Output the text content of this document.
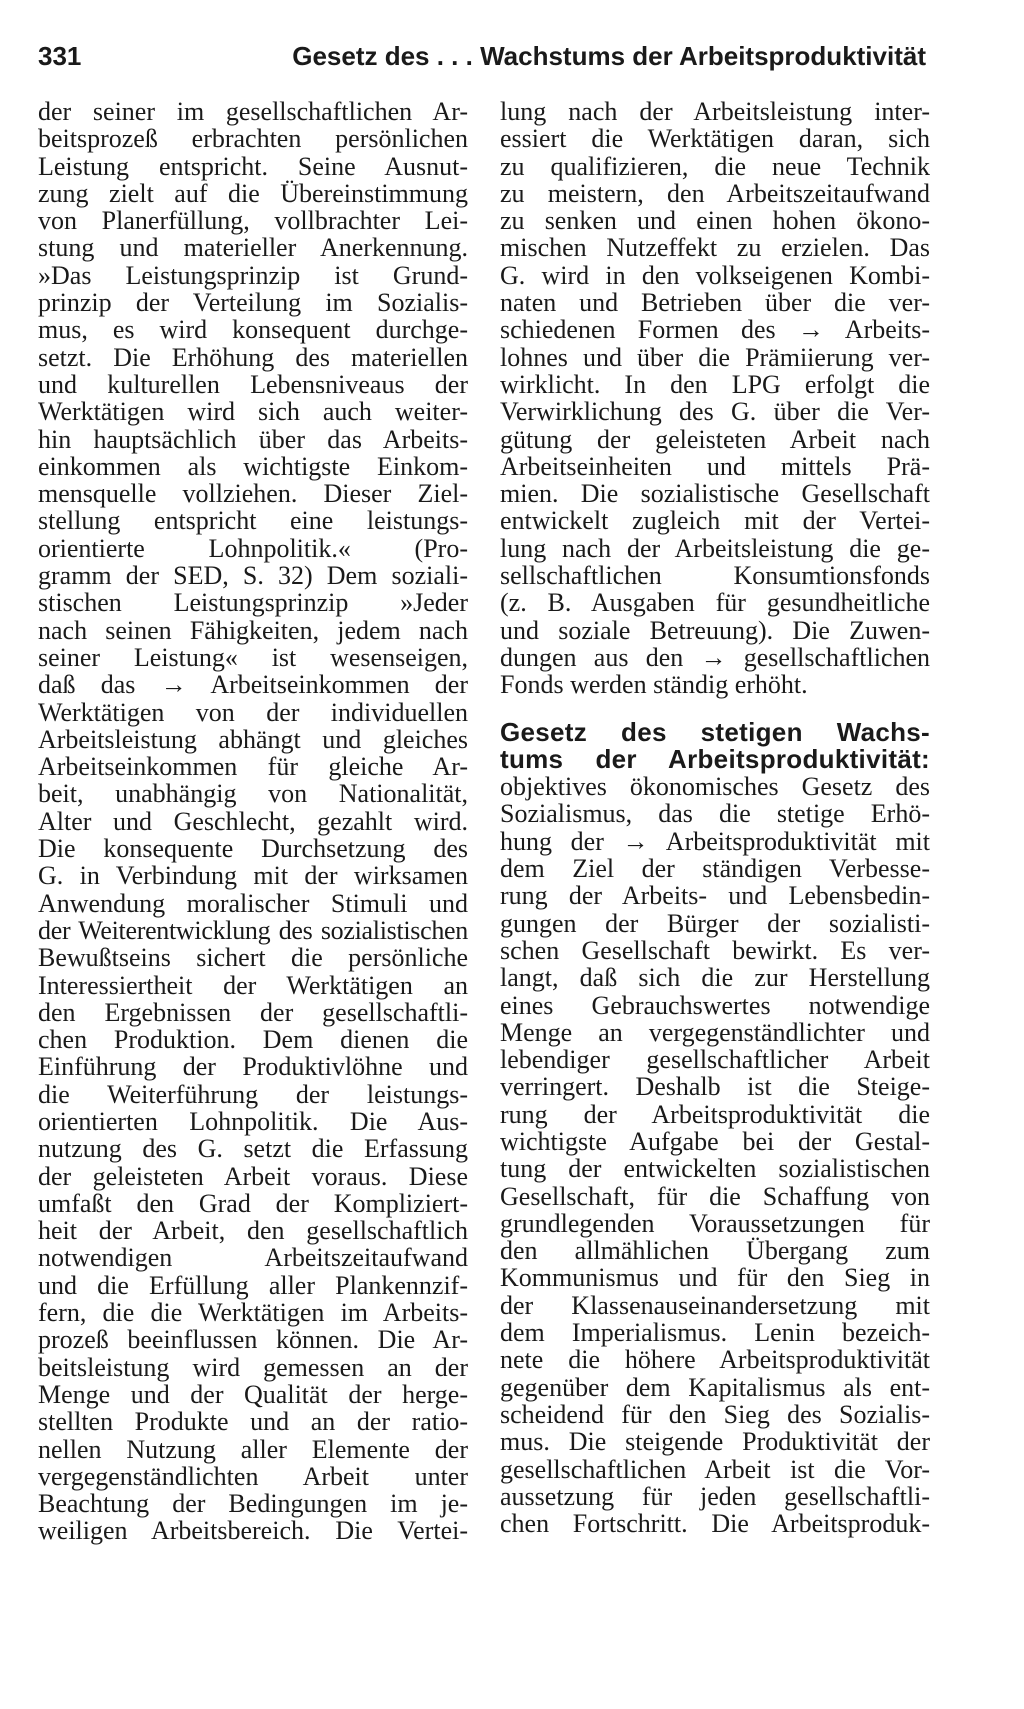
331	Gesetz des . . . Wachstums der Arbeitsproduktivität
der seiner im gesellschaftlichen Ar-
beitsprozeß erbrachten persönlichen
Leistung entspricht. Seine Ausnut-
zung zielt auf die Übereinstimmung
von Planerfüllung, vollbrachter Lei-
stung und materieller Anerkennung.
»Das Leistungsprinzip ist Grund-
prinzip der Verteilung im Sozialis-
mus, es wird konsequent durchge-
setzt. Die Erhöhung des materiellen
und kulturellen Lebensniveaus der
Werktätigen wird sich auch weiter-
hin hauptsächlich über das Arbeits-
einkommen als wichtigste Einkom-
mensquelle vollziehen. Dieser Ziel-
stellung entspricht eine leistungs-
orientierte Lohnpolitik.« (Pro-
gramm der SED, S. 32) Dem soziali-
stischen Leistungsprinzip »Jeder
nach seinen Fähigkeiten, jedem nach
seiner Leistung« ist wesenseigen,
daß das → Arbeitseinkommen der
Werktätigen von der individuellen
Arbeitsleistung abhängt und gleiches
Arbeitseinkommen für gleiche Ar-
beit, unabhängig von Nationalität,
Alter und Geschlecht, gezahlt wird.
Die konsequente Durchsetzung des
G. in Verbindung mit der wirksamen
Anwendung moralischer Stimuli und
der Weiterentwicklung des sozialistischen
Bewußtseins sichert die persönliche
Interessiertheit der Werktätigen an
den Ergebnissen der gesellschaftli-
chen Produktion. Dem dienen die
Einführung der Produktivlöhne und
die Weiterführung der leistungs-
orientierten Lohnpolitik. Die Aus-
nutzung des G. setzt die Erfassung
der geleisteten Arbeit voraus. Diese
umfaßt den Grad der Kompliziert-
heit der Arbeit, den gesellschaftlich
notwendigen Arbeitszeitaufwand
und die Erfüllung aller Plankennzif-
fern, die die Werktätigen im Arbeits-
prozeß beeinflussen können. Die Ar-
beitsleistung wird gemessen an der
Menge und der Qualität der herge-
stellten Produkte und an der ratio-
nellen Nutzung aller Elemente der
vergegenständlichten Arbeit unter
Beachtung der Bedingungen im je-
weiligen Arbeitsbereich. Die Vertei-
lung nach der Arbeitsleistung inter-
essiert die Werktätigen daran, sich
zu qualifizieren, die neue Technik
zu meistern, den Arbeitszeitaufwand
zu senken und einen hohen ökono-
mischen Nutzeffekt zu erzielen. Das
G. wird in den volkseigenen Kombi-
naten und Betrieben über die ver-
schiedenen Formen des → Arbeits-
lohnes und über die Prämiierung ver-
wirklicht. In den LPG erfolgt die
Verwirklichung des G. über die Ver-
gütung der geleisteten Arbeit nach
Arbeitseinheiten und mittels Prä-
mien. Die sozialistische Gesellschaft
entwickelt zugleich mit der Vertei-
lung nach der Arbeitsleistung die ge-
sellschaftlichen Konsumtionsfonds
(z. B. Ausgaben für gesundheitliche
und soziale Betreuung). Die Zuwen-
dungen aus den → gesellschaftlichen
Fonds werden ständig erhöht.
Gesetz des stetigen Wachs-
tums der Arbeitsproduktivität:
objektives ökonomisches Gesetz des
Sozialismus, das die stetige Erhö-
hung der → Arbeitsproduktivität mit
dem Ziel der ständigen Verbesse-
rung der Arbeits- und Lebensbedin-
gungen der Bürger der sozialisti-
schen Gesellschaft bewirkt. Es ver-
langt, daß sich die zur Herstellung
eines Gebrauchswertes notwendige
Menge an vergegenständlichter und
lebendiger gesellschaftlicher Arbeit
verringert. Deshalb ist die Steige-
rung der Arbeitsproduktivität die
wichtigste Aufgabe bei der Gestal-
tung der entwickelten sozialistischen
Gesellschaft, für die Schaffung von
grundlegenden Voraussetzungen für
den allmählichen Übergang zum
Kommunismus und für den Sieg in
der Klassenauseinandersetzung mit
dem Imperialismus. Lenin bezeich-
nete die höhere Arbeitsproduktivität
gegenüber dem Kapitalismus als ent-
scheidend für den Sieg des Sozialis-
mus. Die steigende Produktivität der
gesellschaftlichen Arbeit ist die Vor-
aussetzung für jeden gesellschaftli-
chen Fortschritt. Die Arbeitsproduk-
